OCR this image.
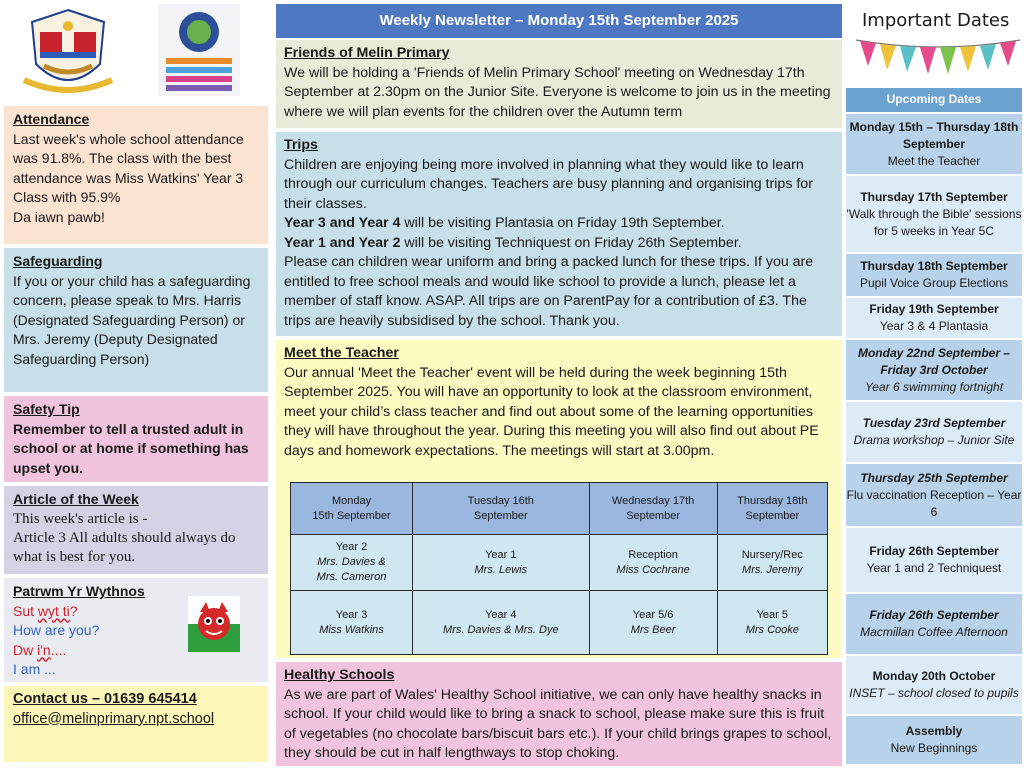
Attendance
Last week's whole school attendance was 91.8%. The class with the best attendance was Miss Watkins' Year 3 Class with 95.9%
Da iawn pawb!
Safeguarding
If you or your child has a safeguarding concern, please speak to Mrs. Harris (Designated Safeguarding Person) or Mrs. Jeremy (Deputy Designated Safeguarding Person)
Safety Tip
Remember to tell a trusted adult in school or at home if something has upset you.
Article of the Week
This week's article is -
Article 3 All adults should always do what is best for you.
Patrwm Yr Wythnos
Sut wyt ti?
How are you?
Dw i'n....
I am ...
Contact us – 01639 645414
office@melinprimary.npt.school
Weekly Newsletter – Monday 15th September 2025
Friends of Melin Primary
We will be holding a 'Friends of Melin Primary School' meeting on Wednesday 17th September at 2.30pm on the Junior Site. Everyone is welcome to join us in the meeting where we will plan events for the children over the Autumn term
Trips
Children are enjoying being more involved in planning what they would like to learn through our curriculum changes. Teachers are busy planning and organising trips for their classes.
Year 3 and Year 4 will be visiting Plantasia on Friday 19th September.
Year 1 and Year 2 will be visiting Techniquest on Friday 26th September.
Please can children wear uniform and bring a packed lunch for these trips. If you are entitled to free school meals and would like school to provide a lunch, please let a member of staff know. ASAP. All trips are on ParentPay for a contribution of £3. The trips are heavily subsidised by the school. Thank you.
Meet the Teacher
Our annual 'Meet the Teacher' event will be held during the week beginning 15th September 2025. You will have an opportunity to look at the classroom environment, meet your child’s class teacher and find out about some of the learning opportunities they will have throughout the year. During this meeting you will also find out about PE days and homework expectations. The meetings will start at 3.00pm.
Monday
15th September	Tuesday 16th
September	Wednesday 17th
September	Thursday 18th
September
Year 2
Mrs. Davies &
Mrs. Cameron	Year 1
Mrs. Lewis	Reception
Miss Cochrane	Nursery/Rec
Mrs. Jeremy

Year 3
Miss Watkins	Year 4
Mrs. Davies & Mrs. Dye	Year 5/6
Mrs Beer	Year 5
Mrs Cooke
Healthy Schools
As we are part of Wales' Healthy School initiative, we can only have healthy snacks in school. If your child would like to bring a snack to school, please make sure this is fruit of vegetables (no chocolate bars/biscuit bars etc.). If your child brings grapes to school, they should be cut in half lengthways to stop choking.
Important Dates
Upcoming Dates
Monday 15th – Thursday 18th September
Meet the Teacher
Thursday 17th September
'Walk through the Bible' sessions for 5 weeks in Year 5C
Thursday 18th September
Pupil Voice Group Elections
Friday 19th September
Year 3 & 4 Plantasia
Monday 22nd September – Friday 3rd October
Year 6 swimming fortnight
Tuesday 23rd September
Drama workshop – Junior Site
Thursday 25th September
Flu vaccination Reception – Year 6
Friday 26th September
Year 1 and 2 Techniquest
Friday 26th September
Macmillan Coffee Afternoon
Monday 20th October
INSET – school closed to pupils
Assembly
New Beginnings
